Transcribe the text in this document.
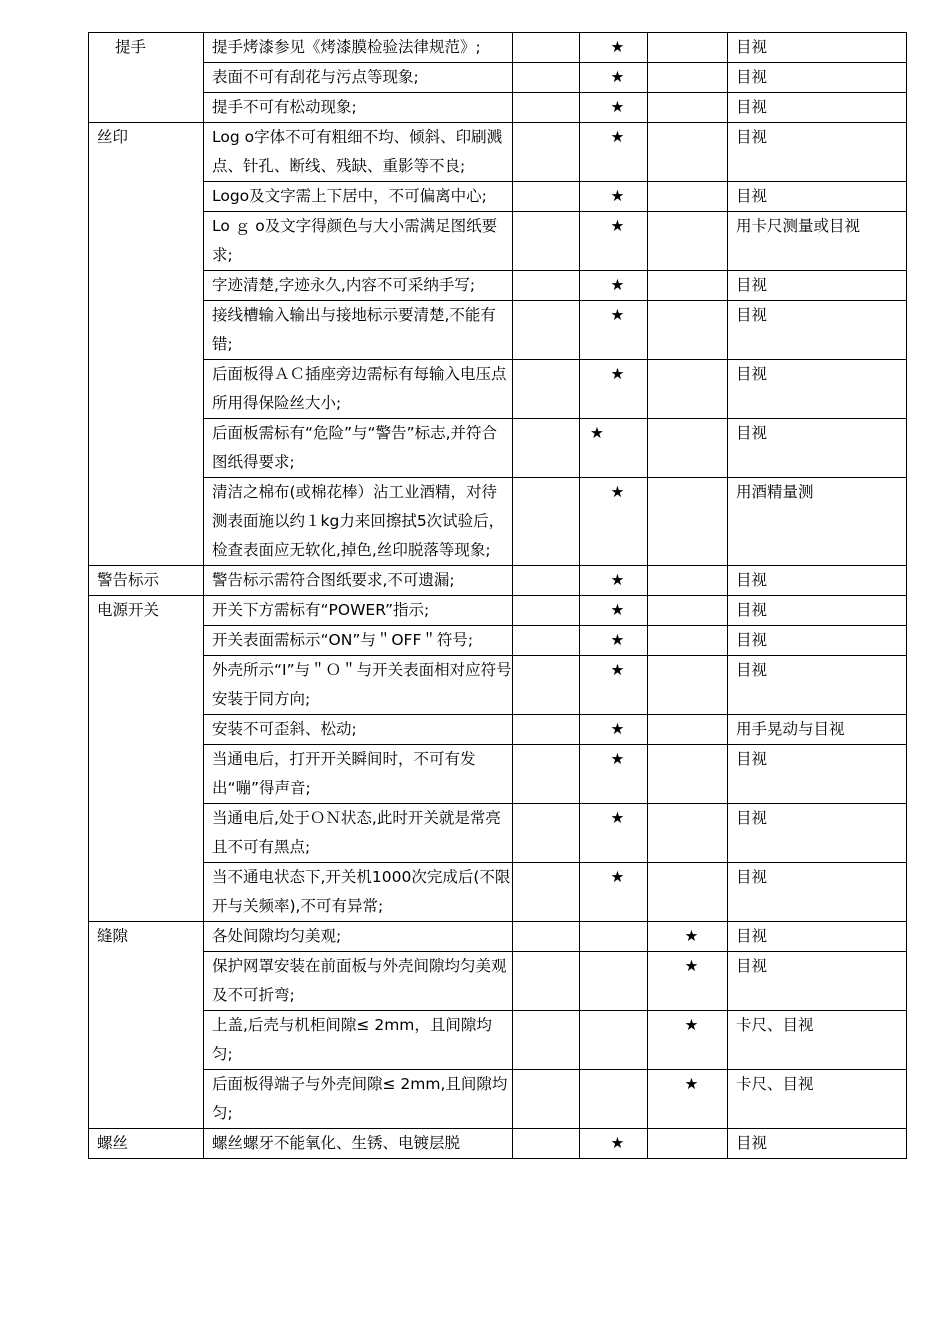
提手	提手烤漆参见《烤漆膜检验法律规范》;		★		目视
	表面不可有刮花与污点等现象;		★		目视
	提手不可有松动现象;		★		目视
丝印	Log o字体不可有粗细不均、倾斜、印刷溅点、针孔、断线、残缺、重影等不良;		★		目视
	Logo及文字需上下居中，不可偏离中心;		★		目视
	Lo ｇ o及文字得颜色与大小需满足图纸要求;		★		用卡尺测量或目视
	字迹清楚,字迹永久,内容不可采纳手写;		★		目视
	接线槽输入输出与接地标示要清楚,不能有错;		★		目视
	后面板得ＡＣ插座旁边需标有每输入电压点所用得保险丝大小;		★		目视
	后面板需标有“危险”与“警告”标志,并符合图纸得要求;		★		目视
	清洁之棉布(或棉花棒）沾工业酒精，对待测表面施以约１kg力来回擦拭5次试验后，检查表面应无软化,掉色,丝印脱落等现象;		★		用酒精量测
警告标示	警告标示需符合图纸要求,不可遗漏;		★		目视
电源开关	开关下方需标有“POWER”指示;		★		目视
	开关表面需标示“ON”与＂OFF＂符号;		★		目视
	外壳所示“I”与＂Ｏ＂与开关表面相对应符号安装于同方向;		★		目视
	安装不可歪斜、松动;		★		用手晃动与目视
	当通电后，打开开关瞬间时，不可有发出“嘣”得声音;		★		目视
	当通电后,处于ＯＮ状态,此时开关就是常亮且不可有黑点;		★		目视
	当不通电状态下,开关机1000次完成后(不限开与关频率),不可有异常;		★		目视
缝隙	各处间隙均匀美观;			★	目视
	保护网罩安装在前面板与外壳间隙均匀美观及不可折弯;			★	目视
	上盖,后壳与机柜间隙≤ 2mm，且间隙均匀;			★	卡尺、目视
	后面板得端子与外壳间隙≤ 2mm,且间隙均匀;			★	卡尺、目视
螺丝	螺丝螺牙不能氧化、生锈、电镀层脱		★		目视
